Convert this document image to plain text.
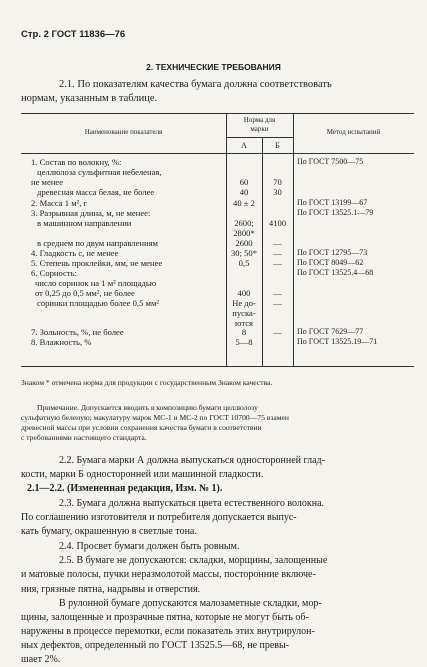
Стр. 2 ГОСТ 11836—76
2. ТЕХНИЧЕСКИЕ ТРЕБОВАНИЯ
2.1. По показателям качества бумага должна соответствовать
нормам, указанным в таблице.
Наименование показателя
Норма для
марки
А	Б
Метод испытаний
1. Состав по волокну, %:	По ГОСТ 7500—75
целлюлоза сульфитная небеленая,
не менее	60	70
древесная масса белая, не более	40	30
2. Масса 1 м², г	40 ± 2	По ГОСТ 13199—67
3. Разрывная длина, м, не менее:	По ГОСТ 13525.1—79
в машинном направлении	2600;	4100
2800*
в среднем по двум направлениям	2600	—
4. Гладкость с, не менее	30; 50*	—	По ГОСТ 12795—73
5. Степень проклейки, мм, не менее	0,5	—	По ГОСТ 8049—62
6. Сорность:	По ГОСТ 13525.4—68
число соринок на 1 м² площадью
от 0,25 до 0,5 мм², не более	400	—
соринки площадью более 0,5 мм²	Не до-	—
пуска-
ются
7. Зольность, %, не более	8	—	По ГОСТ 7629—77
8. Влажность, %	5—8	По ГОСТ 13525.19—71
Знаком * отмечена норма для продукции с государственным Знаком качества.
Примечание. Допускается вводить в композицию бумаги целлюлозу
сульфатную беленую; макулатуру марок МС-1 и МС-2 по ГОСТ 10700—75 взамен
древесной массы при условии сохранения качества бумаги в соответствии
с требованиями настоящего стандарта.
2.2. Бумага марки А должна выпускаться односторонней глад-
кости, марки Б односторонней или машинной гладкости.
2.1—2.2. (Измененная редакция, Изм. № 1).
2.3. Бумага должна выпускаться цвета естественного волокна.
По соглашению изготовителя и потребителя допускается выпус-
кать бумагу, окрашенную в светлые тона.
2.4. Просвет бумаги должен быть ровным.
2.5. В бумаге не допускаются: складки, морщины, залощенные
и матовые полосы, пучки неразмолотой массы, посторонние включе-
ния, грязные пятна, надрывы и отверстия.
В рулонной бумаге допускаются малозаметные складки, мор-
щины, залощенные и прозрачные пятна, которые не могут быть об-
наружены в процессе перемотки, если показатель этих внутрирулон-
ных дефектов, определенный по ГОСТ 13525.5—68, не превы-
шает 2%.
